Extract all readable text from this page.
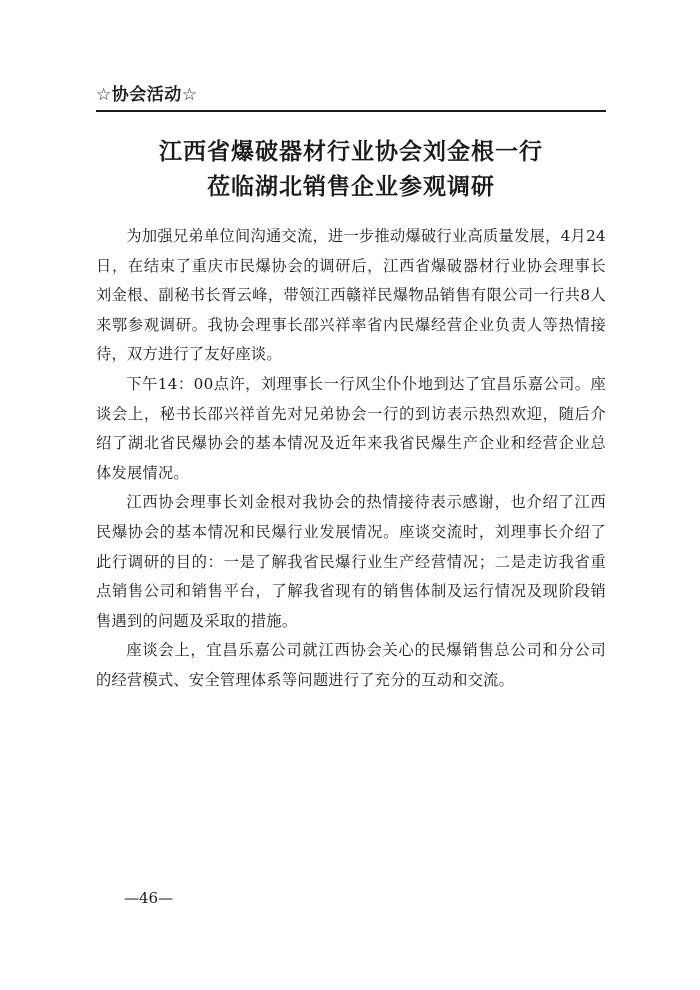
☆协会活动☆
江西省爆破器材行业协会刘金根一行
莅临湖北销售企业参观调研

为加强兄弟单位间沟通交流，进一步推动爆破行业高质量发展，4月24日，在结束了重庆市民爆协会的调研后，江西省爆破器材行业协会理事长刘金根、副秘书长胥云峰，带领江西赣祥民爆物品销售有限公司一行共8人来鄂参观调研。我协会理事长邵兴祥率省内民爆经营企业负责人等热情接待，双方进行了友好座谈。

下午14：00点许，刘理事长一行风尘仆仆地到达了宜昌乐嘉公司。座谈会上，秘书长邵兴祥首先对兄弟协会一行的到访表示热烈欢迎，随后介绍了湖北省民爆协会的基本情况及近年来我省民爆生产企业和经营企业总体发展情况。

江西协会理事长刘金根对我协会的热情接待表示感谢，也介绍了江西民爆协会的基本情况和民爆行业发展情况。座谈交流时，刘理事长介绍了此行调研的目的：一是了解我省民爆行业生产经营情况；二是走访我省重点销售公司和销售平台，了解我省现有的销售体制及运行情况及现阶段销售遇到的问题及采取的措施。

座谈会上，宜昌乐嘉公司就江西协会关心的民爆销售总公司和分公司的经营模式、安全管理体系等问题进行了充分的互动和交流。

—46—
